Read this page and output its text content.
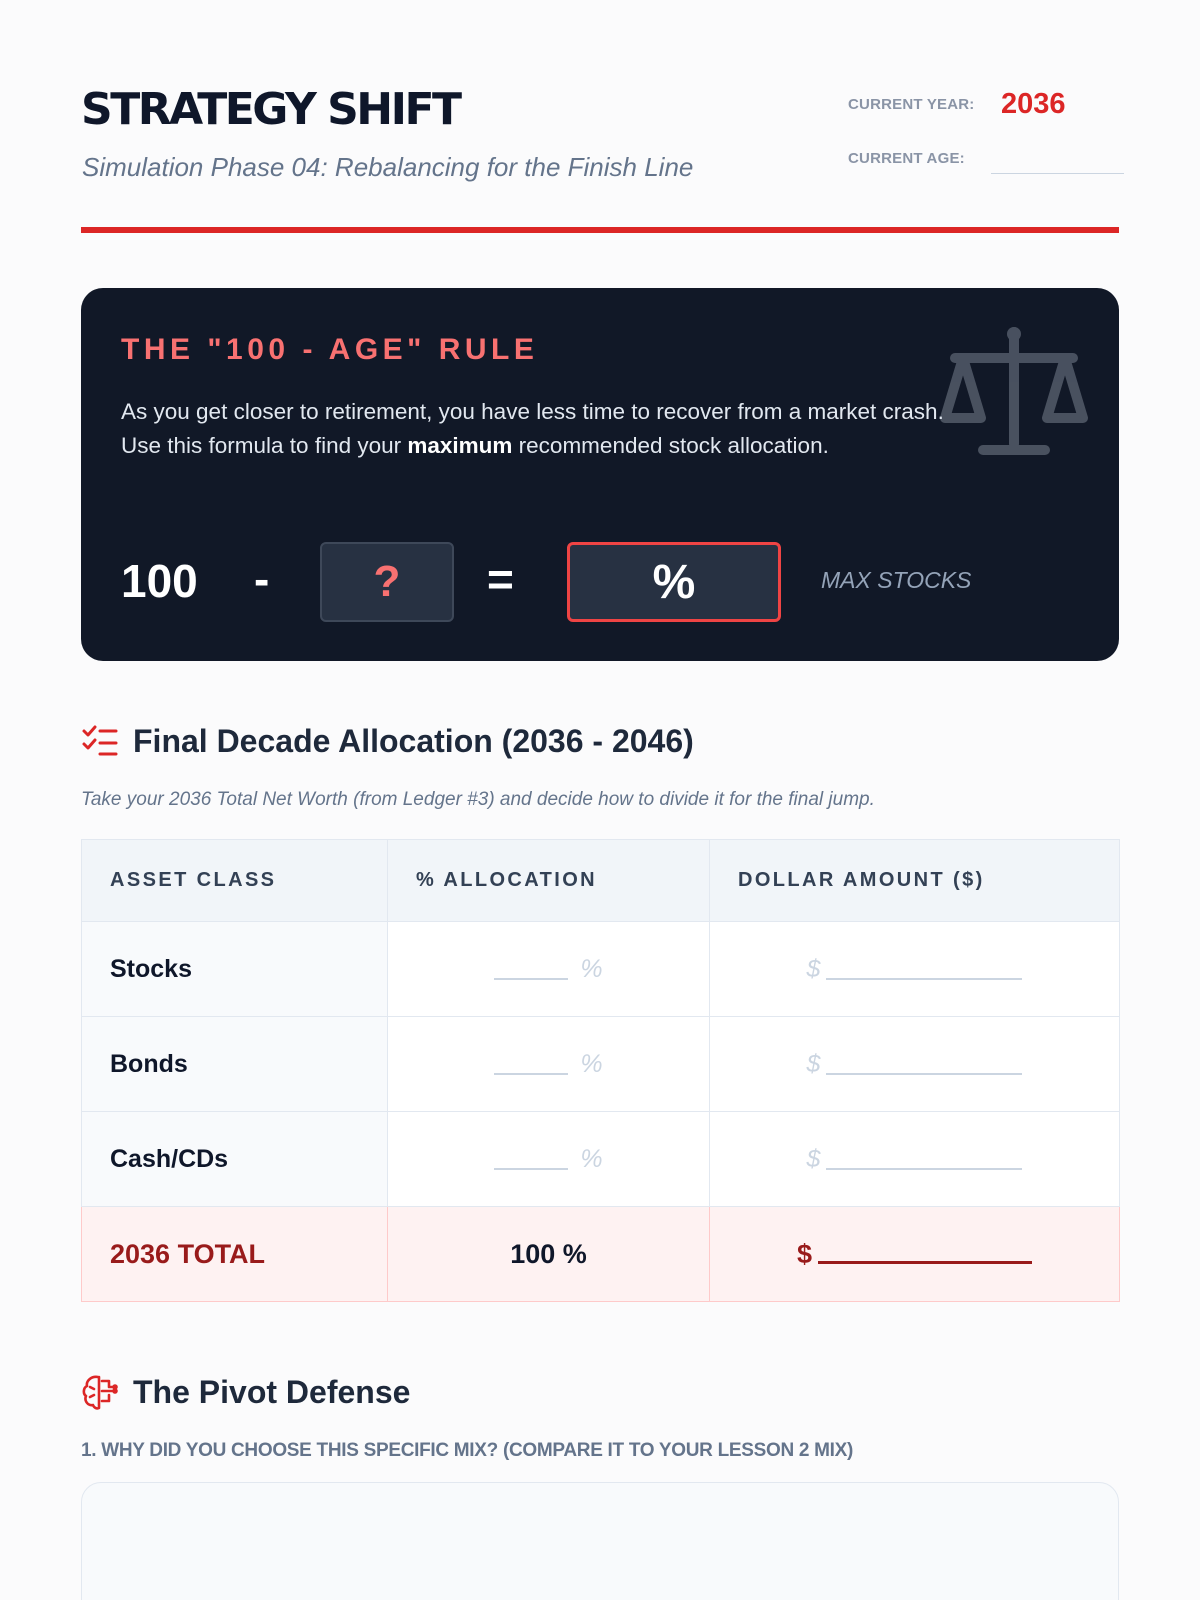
STRATEGY SHIFT
Simulation Phase 04: Rebalancing for the Finish Line
CURRENT YEAR: 2036
CURRENT AGE:
THE "100 - AGE" RULE
As you get closer to retirement, you have less time to recover from a market crash. Use this formula to find your maximum recommended stock allocation.
100 -	?	=	%	MAX STOCKS
Final Decade Allocation (2036 - 2046)
Take your 2036 Total Net Worth (from Ledger #3) and decide how to divide it for the final jump.
ASSET CLASS	% ALLOCATION	DOLLAR AMOUNT ($)
Stocks	%	$

Bonds	%	$

Cash/CDs	%	$

2036 TOTAL	100 %	$
The Pivot Defense
1. WHY DID YOU CHOOSE THIS SPECIFIC MIX? (COMPARE IT TO YOUR LESSON 2 MIX)
